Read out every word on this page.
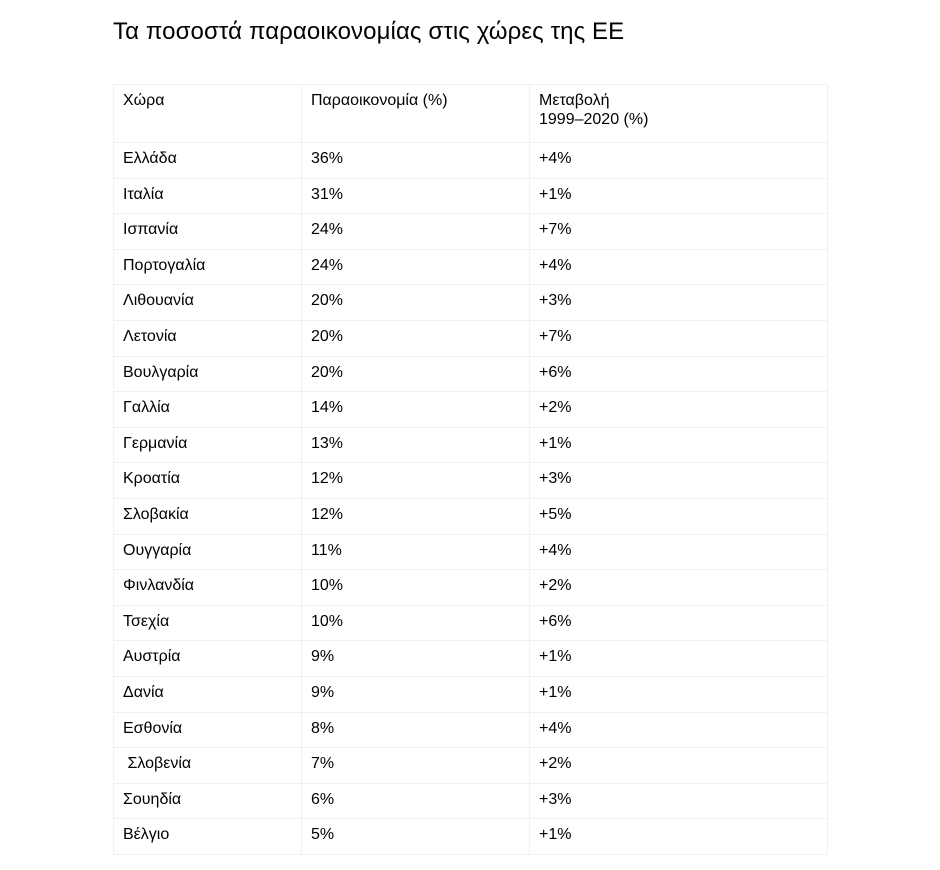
Τα ποσοστά παραοικονομίας στις χώρες της ΕΕ
Χώρα	Παραοικονομία (%)	Μεταβολή
1999–2020 (%)
Ελλάδα	36%	+4%
Ιταλία	31%	+1%
Ισπανία	24%	+7%
Πορτογαλία	24%	+4%
Λιθουανία	20%	+3%
Λετονία	20%	+7%
Βουλγαρία	20%	+6%
Γαλλία	14%	+2%
Γερμανία	13%	+1%
Κροατία	12%	+3%
Σλοβακία	12%	+5%
Ουγγαρία	11%	+4%
Φινλανδία	10%	+2%
Τσεχία	10%	+6%
Αυστρία	9%	+1%
Δανία	9%	+1%
Εσθονία	8%	+4%
Σλοβενία	7%	+2%
Σουηδία	6%	+3%
Βέλγιο	5%	+1%
